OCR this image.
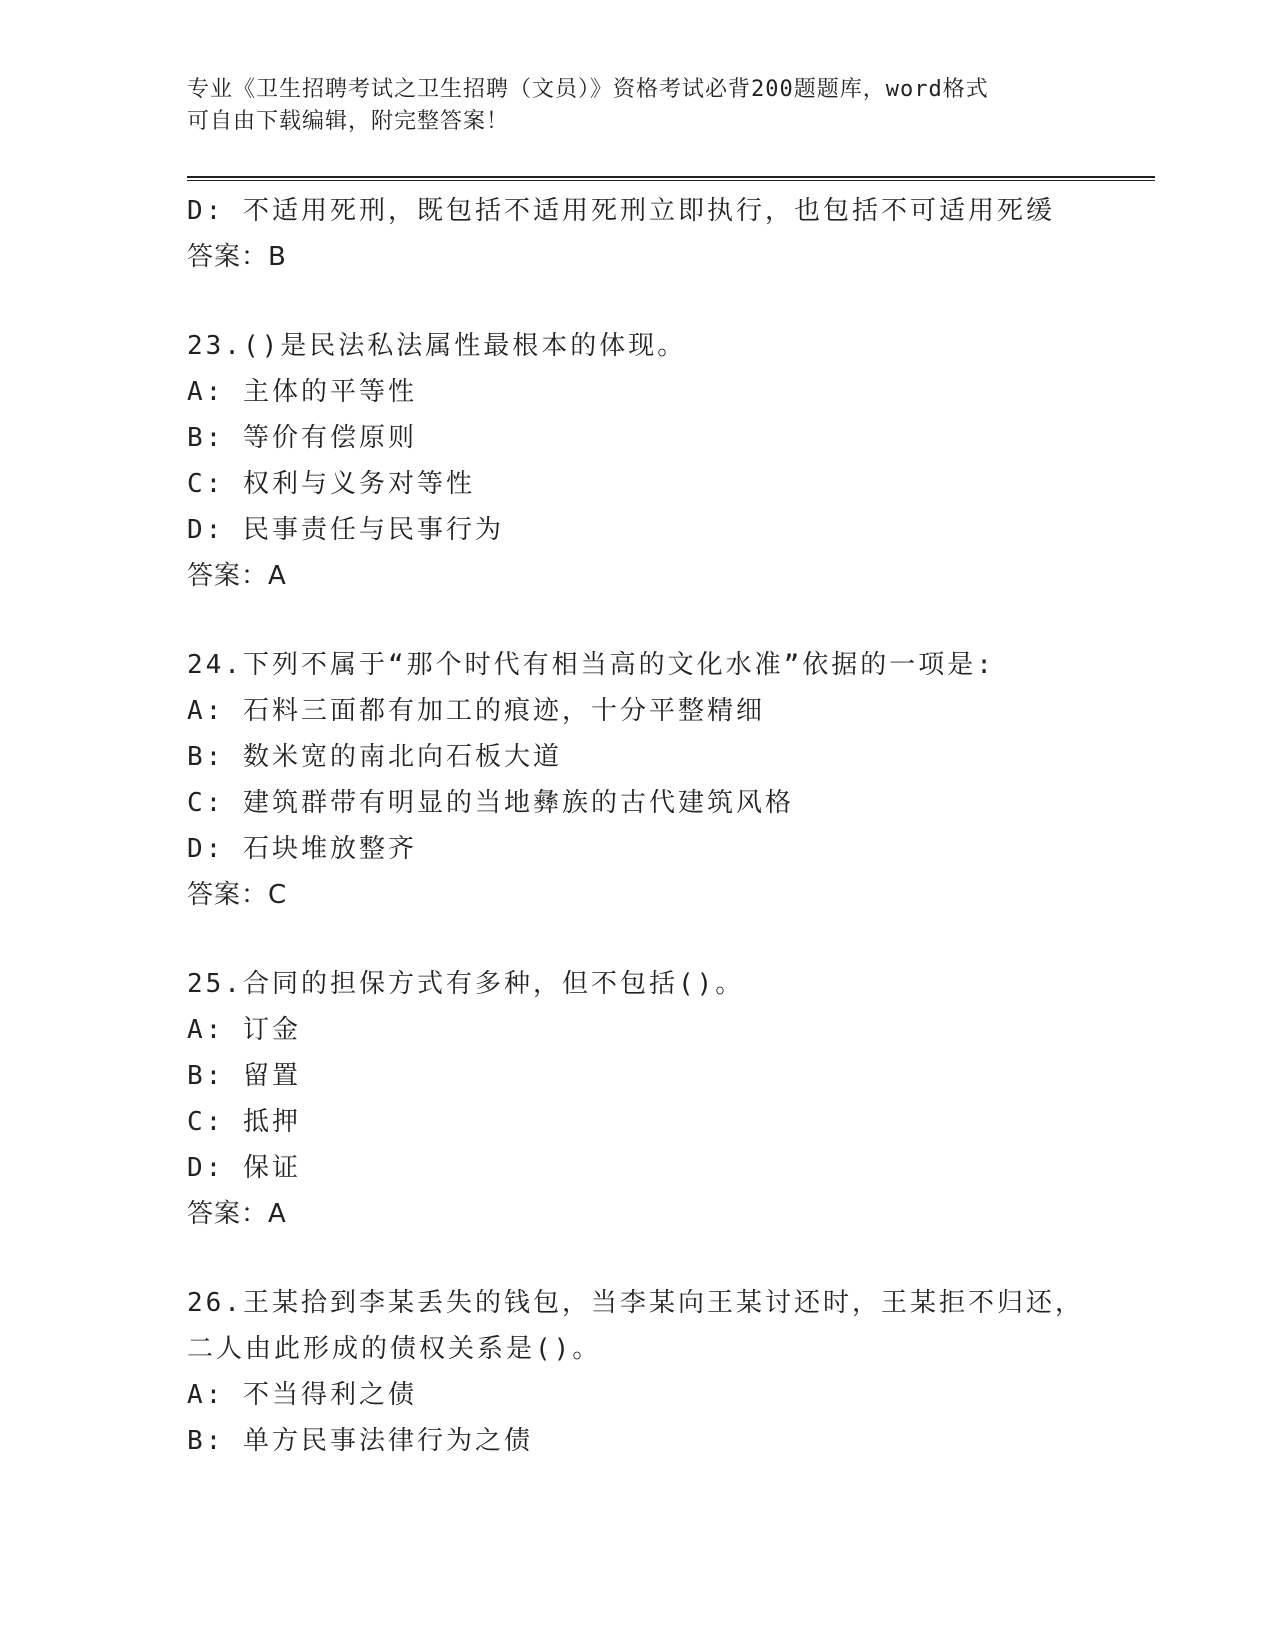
专业《卫生招聘考试之卫生招聘（文员）》资格考试必背200题题库，word格式
可自由下载编辑，附完整答案！
D: 不适用死刑，既包括不适用死刑立即执行，也包括不可适用死缓
答案：B
23.()是民法私法属性最根本的体现。
A: 主体的平等性
B: 等价有偿原则
C: 权利与义务对等性
D: 民事责任与民事行为
答案：A
24.下列不属于“那个时代有相当高的文化水准”依据的一项是:
A: 石料三面都有加工的痕迹，十分平整精细
B: 数米宽的南北向石板大道
C: 建筑群带有明显的当地彝族的古代建筑风格
D: 石块堆放整齐
答案：C
25.合同的担保方式有多种，但不包括()。
A: 订金
B: 留置
C: 抵押
D: 保证
答案：A
26.王某拾到李某丢失的钱包，当李某向王某讨还时，王某拒不归还，
二人由此形成的债权关系是()。
A: 不当得利之债
B: 单方民事法律行为之债
